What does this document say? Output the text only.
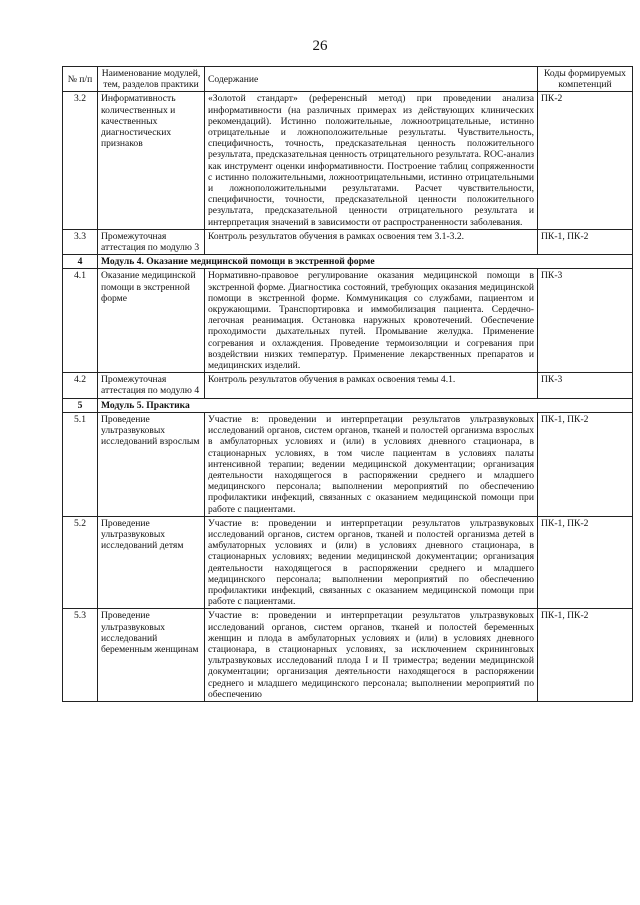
26
№ п/п	Наименование модулей, тем, разделов практики	Содержание	Коды формируемых компетенций
3.2	Информативность количественных и качественных диагностических признаков	«Золотой стандарт» (референсный метод) при проведении анализа информативности (на различных примерах из действующих клинических рекомендаций). Истинно положительные, ложноотрицательные, истинно отрицательные и ложноположительные результаты. Чувствительность, специфичность, точность, предсказательная ценность положительного результата, предсказательная ценность отрицательного результата. ROC-анализ как инструмент оценки информативности. Построение таблиц сопряженности с истинно положительными, ложноотрицательными, истинно отрицательными и ложноположительными результатами. Расчет чувствительности, специфичности, точности, предсказательной ценности положительного результата, предсказательной ценности отрицательного результата и интерпретация значений в зависимости от распространенности заболевания.	ПК-2
3.3	Промежуточная аттестация по модулю 3	Контроль результатов обучения в рамках освоения тем 3.1-3.2.	ПК-1, ПК-2
4	Модуль 4. Оказание медицинской помощи в экстренной форме		
4.1	Оказание медицинской помощи в экстренной форме	Нормативно-правовое регулирование оказания медицинской помощи в экстренной форме. Диагностика состояний, требующих оказания медицинской помощи в экстренной форме. Коммуникация со службами, пациентом и окружающими. Транспортировка и иммобилизация пациента. Сердечно-легочная реанимация. Остановка наружных кровотечений. Обеспечение проходимости дыхательных путей. Промывание желудка. Применение согревания и охлаждения. Проведение термоизоляции и согревания при воздействии низких температур. Применение лекарственных препаратов и медицинских изделий.	ПК-3
4.2	Промежуточная аттестация по модулю 4	Контроль результатов обучения в рамках освоения темы 4.1.	ПК-3
5	Модуль 5. Практика		
5.1	Проведение ультразвуковых исследований взрослым	Участие в: проведении и интерпретации результатов ультразвуковых исследований органов, систем органов, тканей и полостей организма взрослых в амбулаторных условиях и (или) в условиях дневного стационара, в стационарных условиях, в том числе пациентам в условиях палаты интенсивной терапии; ведении медицинской документации; организация деятельности находящегося в распоряжении среднего и младшего медицинского персонала; выполнении мероприятий по обеспечению профилактики инфекций, связанных с оказанием медицинской помощи при работе с пациентами.	ПК-1, ПК-2
5.2	Проведение ультразвуковых исследований детям	Участие в: проведении и интерпретации результатов ультразвуковых исследований органов, систем органов, тканей и полостей организма детей в амбулаторных условиях и (или) в условиях дневного стационара, в стационарных условиях; ведении медицинской документации; организация деятельности находящегося в распоряжении среднего и младшего медицинского персонала; выполнении мероприятий по обеспечению профилактики инфекций, связанных с оказанием медицинской помощи при работе с пациентами.	ПК-1, ПК-2
5.3	Проведение ультразвуковых исследований беременным женщинам	Участие в: проведении и интерпретации результатов ультразвуковых исследований органов, систем органов, тканей и полостей беременных женщин и плода в амбулаторных условиях и (или) в условиях дневного стационара, в стационарных условиях, за исключением скрининговых ультразвуковых исследований плода I и II триместра; ведении медицинской документации; организация деятельности находящегося в распоряжении среднего и младшего медицинского персонала; выполнении мероприятий по обеспечению	ПК-1, ПК-2
